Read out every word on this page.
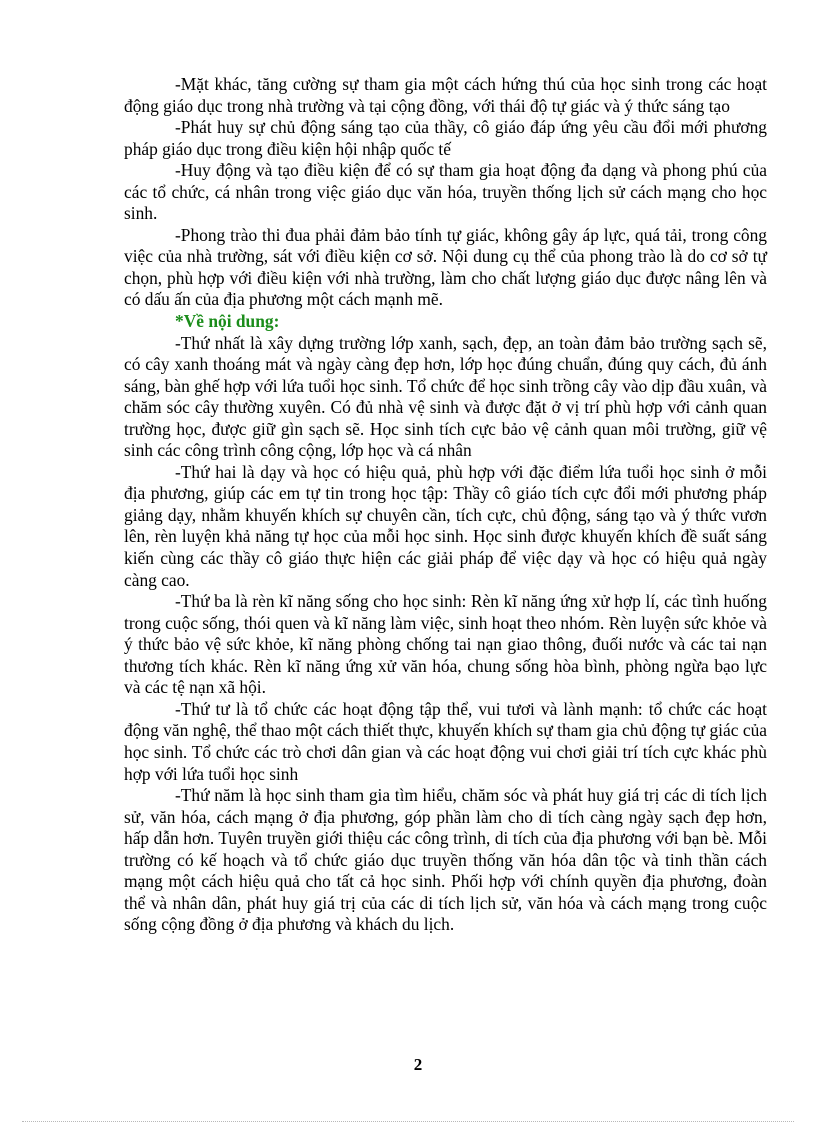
-Mặt khác, tăng cường sự tham gia một cách hứng thú của học sinh trong các hoạt động giáo dục trong nhà trường và tại cộng đồng, với thái độ tự giác và ý thức sáng tạo

-Phát huy sự chủ động sáng tạo của thầy, cô giáo đáp ứng yêu cầu đổi mới phương pháp giáo dục trong điều kiện hội nhập quốc tế

-Huy động và tạo điều kiện để có sự tham gia hoạt động đa dạng và phong phú của các tổ chức, cá nhân trong việc giáo dục văn hóa, truyền thống lịch sử cách mạng cho học sinh.

-Phong trào thi đua phải đảm bảo tính tự giác, không gây áp lực, quá tải, trong công việc của nhà trường, sát với điều kiện cơ sở. Nội dung cụ thể của phong trào là do cơ sở tự chọn, phù hợp với điều kiện với nhà trường, làm cho chất lượng giáo dục được nâng lên và có dấu ấn của địa phương một cách mạnh mẽ.

*Về nội dung:

-Thứ nhất là xây dựng trường lớp xanh, sạch, đẹp, an toàn đảm bảo trường sạch sẽ, có cây xanh thoáng mát và ngày càng đẹp hơn, lớp học đúng chuẩn, đúng quy cách, đủ ánh sáng, bàn ghế hợp với lứa tuổi học sinh. Tổ chức để học sinh trồng cây vào dịp đầu xuân, và chăm sóc cây thường xuyên. Có đủ nhà vệ sinh và được đặt ở vị trí phù hợp với cảnh quan trường học, được giữ gìn sạch sẽ. Học sinh tích cực bảo vệ cảnh quan môi trường, giữ vệ sinh các công trình công cộng, lớp học và cá nhân

-Thứ hai là dạy và học có hiệu quả, phù hợp với đặc điểm lứa tuổi học sinh ở mỗi địa phương, giúp các em tự tin trong học tập: Thầy cô giáo tích cực đổi mới phương pháp giảng dạy, nhằm khuyến khích sự chuyên cần, tích cực, chủ động, sáng tạo và ý thức vươn lên, rèn luyện khả năng tự học của mỗi học sinh. Học sinh được khuyến khích đề suất sáng kiến cùng các thầy cô giáo thực hiện các giải pháp để việc dạy và học có hiệu quả ngày càng cao.

-Thứ ba là rèn kĩ năng sống cho học sinh: Rèn kĩ năng ứng xử hợp lí, các tình huống trong cuộc sống, thói quen và kĩ năng làm việc, sinh hoạt theo nhóm. Rèn luyện sức khỏe và ý thức bảo vệ sức khỏe, kĩ năng phòng chống tai nạn giao thông, đuối nước và các tai nạn thương tích khác. Rèn kĩ năng ứng xử văn hóa, chung sống hòa bình, phòng ngừa bạo lực và các tệ nạn xã hội.

-Thứ tư là tổ chức các hoạt động tập thể, vui tươi và lành mạnh: tổ chức các hoạt động văn nghệ, thể thao một cách thiết thực, khuyến khích sự tham gia chủ động tự giác của học sinh. Tổ chức các trò chơi dân gian và các hoạt động vui chơi giải trí tích cực khác phù hợp với lứa tuổi học sinh

-Thứ năm là học sinh tham gia tìm hiểu, chăm sóc và phát huy giá trị các di tích lịch sử, văn hóa, cách mạng ở địa phương, góp phần làm cho di tích càng ngày sạch đẹp hơn, hấp dẫn hơn. Tuyên truyền giới thiệu các công trình, di tích của địa phương với bạn bè. Mỗi trường có kế hoạch và tổ chức giáo dục truyền thống văn hóa dân tộc và tinh thần cách mạng một cách hiệu quả cho tất cả học sinh. Phối hợp với chính quyền địa phương, đoàn thể và nhân dân, phát huy giá trị của các di tích lịch sử, văn hóa và cách mạng trong cuộc sống cộng đồng ở địa phương và khách du lịch.

2
